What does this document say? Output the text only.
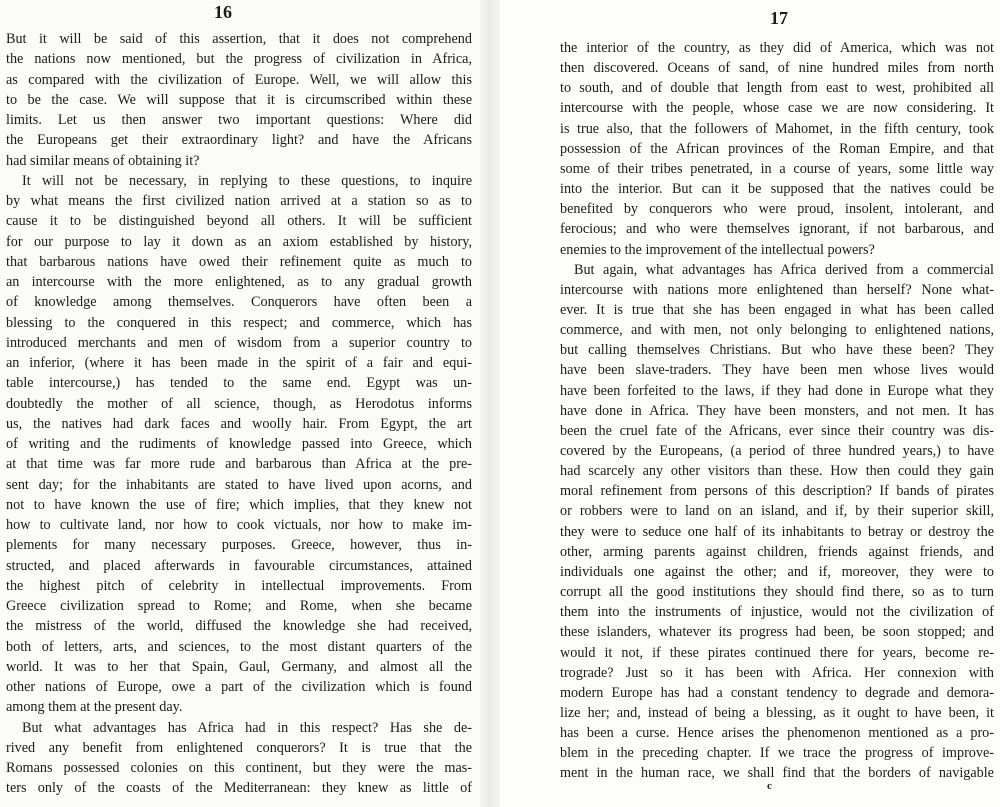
16
But it will be said of this assertion, that it does not comprehend
the nations now mentioned, but the progress of civilization in Africa,
as compared with the civilization of Europe. Well, we will allow this
to be the case. We will suppose that it is circumscribed within these
limits. Let us then answer two important questions: Where did
the Europeans get their extraordinary light? and have the Africans
had similar means of obtaining it?
It will not be necessary, in replying to these questions, to inquire
by what means the first civilized nation arrived at a station so as to
cause it to be distinguished beyond all others. It will be sufficient
for our purpose to lay it down as an axiom established by history,
that barbarous nations have owed their refinement quite as much to
an intercourse with the more enlightened, as to any gradual growth
of knowledge among themselves. Conquerors have often been a
blessing to the conquered in this respect; and commerce, which has
introduced merchants and men of wisdom from a superior country to
an inferior, (where it has been made in the spirit of a fair and equi-
table intercourse,) has tended to the same end. Egypt was un-
doubtedly the mother of all science, though, as Herodotus informs
us, the natives had dark faces and woolly hair. From Egypt, the art
of writing and the rudiments of knowledge passed into Greece, which
at that time was far more rude and barbarous than Africa at the pre-
sent day; for the inhabitants are stated to have lived upon acorns, and
not to have known the use of fire; which implies, that they knew not
how to cultivate land, nor how to cook victuals, nor how to make im-
plements for many necessary purposes. Greece, however, thus in-
structed, and placed afterwards in favourable circumstances, attained
the highest pitch of celebrity in intellectual improvements. From
Greece civilization spread to Rome; and Rome, when she became
the mistress of the world, diffused the knowledge she had received,
both of letters, arts, and sciences, to the most distant quarters of the
world. It was to her that Spain, Gaul, Germany, and almost all the
other nations of Europe, owe a part of the civilization which is found
among them at the present day.
But what advantages has Africa had in this respect? Has she de-
rived any benefit from enlightened conquerors? It is true that the
Romans possessed colonies on this continent, but they were the mas-
ters only of the coasts of the Mediterranean: they knew as little of
17
the interior of the country, as they did of America, which was not
then discovered. Oceans of sand, of nine hundred miles from north
to south, and of double that length from east to west, prohibited all
intercourse with the people, whose case we are now considering. It
is true also, that the followers of Mahomet, in the fifth century, took
possession of the African provinces of the Roman Empire, and that
some of their tribes penetrated, in a course of years, some little way
into the interior. But can it be supposed that the natives could be
benefited by conquerors who were proud, insolent, intolerant, and
ferocious; and who were themselves ignorant, if not barbarous, and
enemies to the improvement of the intellectual powers?
But again, what advantages has Africa derived from a commercial
intercourse with nations more enlightened than herself? None what-
ever. It is true that she has been engaged in what has been called
commerce, and with men, not only belonging to enlightened nations,
but calling themselves Christians. But who have these been? They
have been slave-traders. They have been men whose lives would
have been forfeited to the laws, if they had done in Europe what they
have done in Africa. They have been monsters, and not men. It has
been the cruel fate of the Africans, ever since their country was dis-
covered by the Europeans, (a period of three hundred years,) to have
had scarcely any other visitors than these. How then could they gain
moral refinement from persons of this description? If bands of pirates
or robbers were to land on an island, and if, by their superior skill,
they were to seduce one half of its inhabitants to betray or destroy the
other, arming parents against children, friends against friends, and
individuals one against the other; and if, moreover, they were to
corrupt all the good institutions they should find there, so as to turn
them into the instruments of injustice, would not the civilization of
these islanders, whatever its progress had been, be soon stopped; and
would it not, if these pirates continued there for years, become re-
trograde? Just so it has been with Africa. Her connexion with
modern Europe has had a constant tendency to degrade and demora-
lize her; and, instead of being a blessing, as it ought to have been, it
has been a curse. Hence arises the phenomenon mentioned as a pro-
blem in the preceding chapter. If we trace the progress of improve-
ment in the human race, we shall find that the borders of navigable
c
